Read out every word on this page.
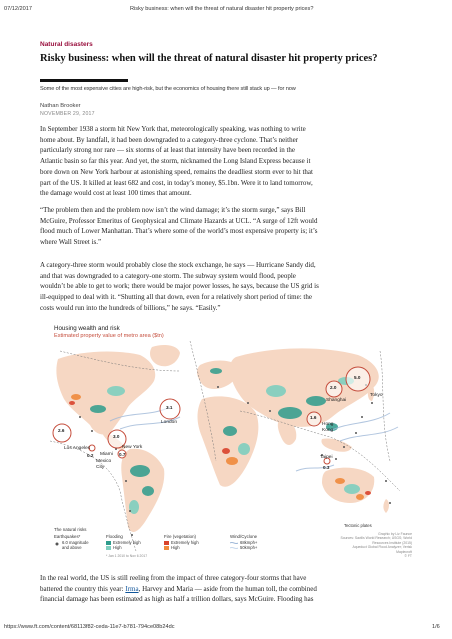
07/12/2017	Risky business: when will the threat of natural disaster hit property prices?
Natural disasters
Risky business: when will the threat of natural disaster hit property prices?
Some of the most expensive cities are high-risk, but the economics of housing there still stack up — for now
Nathan Brooker
NOVEMBER 29, 2017
In September 1938 a storm hit New York that, meteorologically speaking, was nothing to write
home about. By landfall, it had been downgraded to a category-three cyclone. That’s neither
particularly strong nor rare — six storms of at least that intensity have been recorded in the
Atlantic basin so far this year. And yet, the storm, nicknamed the Long Island Express because it
bore down on New York harbour at astonishing speed, remains the deadliest storm ever to hit that
part of the US. It killed at least 682 and cost, in today’s money, $5.1bn. Were it to land tomorrow,
the damage would cost at least 100 times that amount.
“The problem then and the problem now isn’t the wind damage; it’s the storm surge,” says Bill
McGuire, Professor Emeritus of Geophysical and Climate Hazards at UCL. “A surge of 12ft would
flood much of Lower Manhattan. That’s where some of the world’s most expensive property is; it’s
where Wall Street is.”
A category-three storm would probably close the stock exchange, he says — Hurricane Sandy did,
and that was downgraded to a category-one storm. The subway system would flood, people
wouldn’t be able to get to work; there would be major power losses, he says, because the US grid is
ill-equipped to deal with it. “Shutting all that down, even for a relatively short period of time: the
costs would run into the hundreds of billions,” he says. “Easily.”
Housing wealth and risk
Estimated property value of metro area ($tn)
2.6
Los Angeles
0.2
Mexico City
3.0
New York
0.7
Miami
3.1
London
2.0
Shanghai
5.0
Tokyo
1.6
Hong Kong
0.3
Taipei
Tectonic plates
The natural risks
Earthquakes*
6.0 magnitude
and above
Flooding
Extremely high
High
Fire (vegetation)
Extremely high
High
Wind/Cyclone
68kmph+
50kmph+
* Jan 1 2010 to Nov 6 2017
Graphic by Liz Faunce
Sources: Savills World Research; USGS; World Resources Institute (2015)
Aqueduct Global Flood Analyzer; Verisk Maplecroft
© FT
In the real world, the US is still reeling from the impact of three category-four storms that have
battered the country this year: Irma, Harvey and Maria — aside from the human toll, the combined
financial damage has been estimated as high as half a trillion dollars, says McGuire. Flooding has
https://www.ft.com/content/68113f82-ceda-11e7-b781-794ce08b24dc	1/6
